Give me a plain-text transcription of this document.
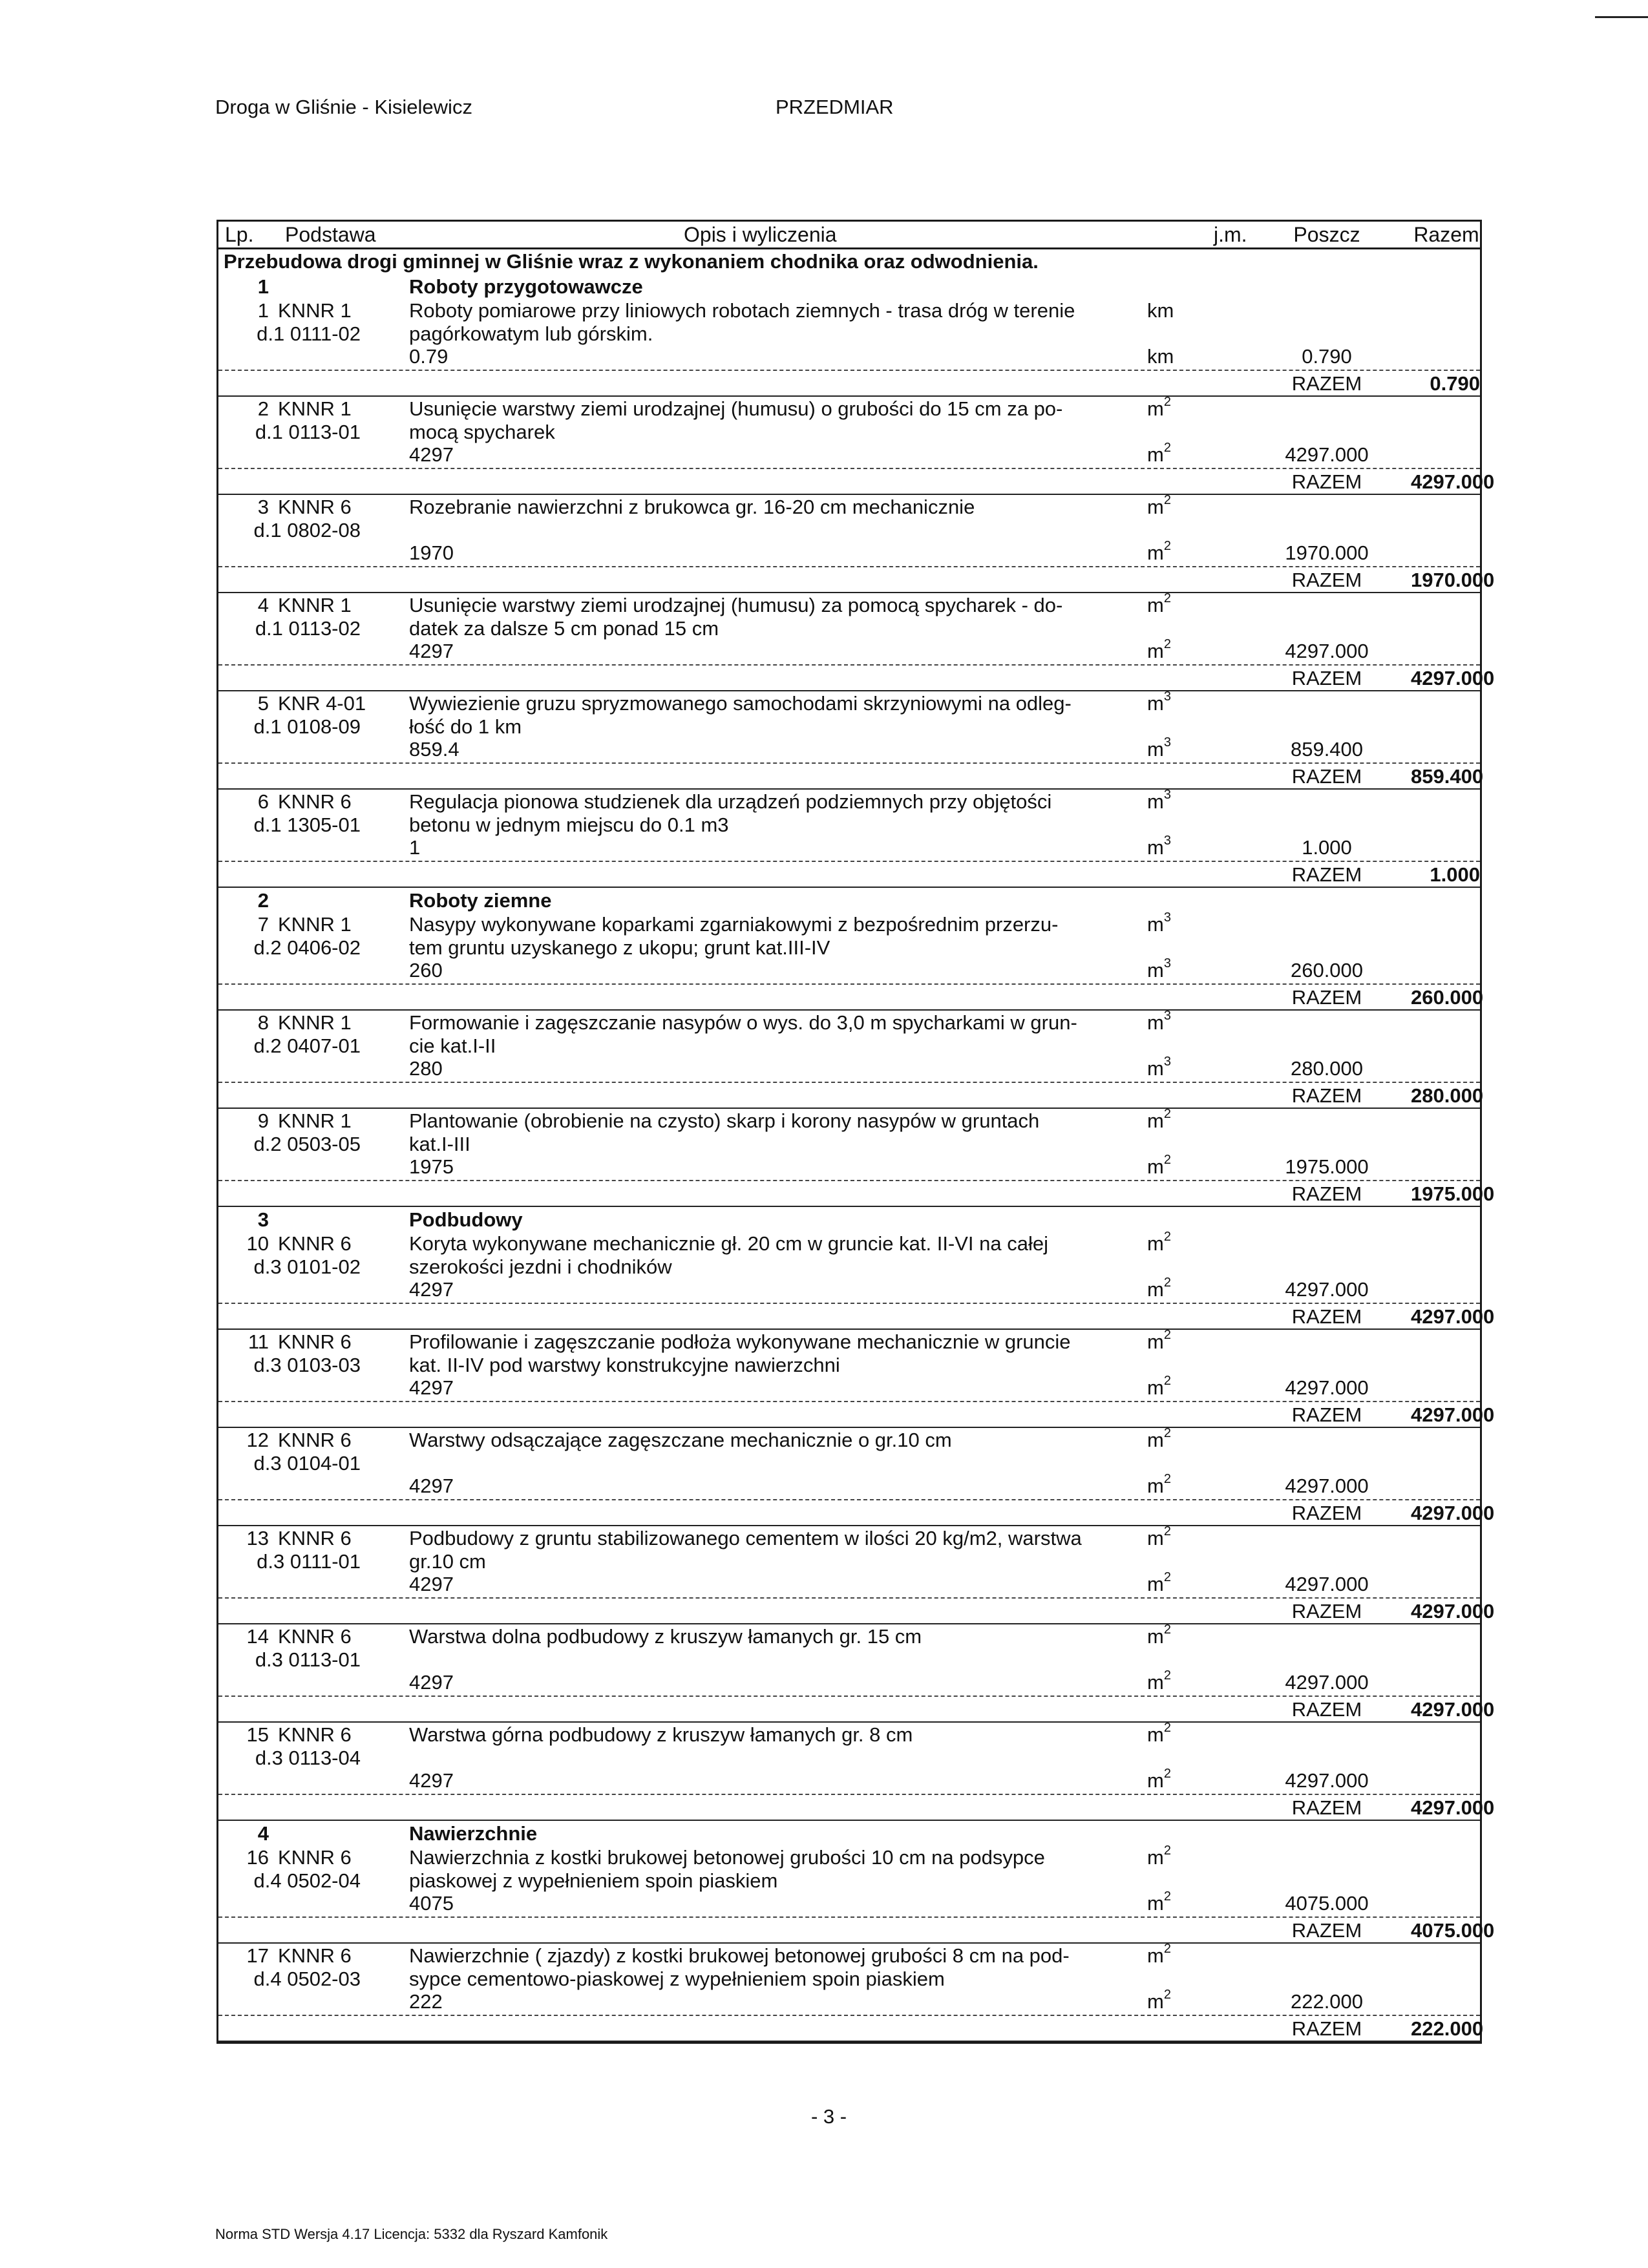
Droga w Gliśnie - Kisielewicz	PRZEDMIAR
Lp. Podstawa	Opis i wyliczenia	j.m.	Poszcz	Razem
Przebudowa drogi gminnej w Gliśnie wraz z wykonaniem chodnika oraz odwodnienia.
1	Roboty przygotowawcze
1 KNNR 1	Roboty pomiarowe przy liniowych robotach ziemnych - trasa dróg w terenie	km
d.1 0111-02 pagórkowatym lub górskim.
0.79	km	0.790
RAZEM	0.790
2 KNNR 1	Usunięcie warstwy ziemi urodzajnej (humusu) o grubości do 15 cm za po-	$m^2$
d.1 0113-01 mocą spycharek
4297	$m^2$	4297.000
RAZEM	4297.000
3 KNNR 6	Rozebranie nawierzchni z brukowca gr. 16-20 cm mechanicznie	$m^2$
d.1 0802-08
1970	$m^2$	1970.000
RAZEM	1970.000
4 KNNR 1	Usunięcie warstwy ziemi urodzajnej (humusu) za pomocą spycharek - do-	$m^2$
d.1 0113-02 datek za dalsze 5 cm ponad 15 cm
4297	$m^2$	4297.000
RAZEM	4297.000
5 KNR 4-01 Wywiezienie gruzu spryzmowanego samochodami skrzyniowymi na odleg-	$m^3$
d.1 0108-09 łość do 1 km
859.4	$m^3$	859.400
RAZEM	859.400
6 KNNR 6	Regulacja pionowa studzienek dla urządzeń podziemnych przy objętości	$m^3$
d.1 1305-01 betonu w jednym miejscu do 0.1 m3
1	$m^3$	1.000
RAZEM	1.000
2	Roboty ziemne
7 KNNR 1	Nasypy wykonywane koparkami zgarniakowymi z bezpośrednim przerzu-	$m^3$
d.2 0406-02 tem gruntu uzyskanego z ukopu; grunt kat.III-IV
260	$m^3$	260.000
RAZEM	260.000
8 KNNR 1	Formowanie i zagęszczanie nasypów o wys. do 3,0 m spycharkami w grun-	$m^3$
d.2 0407-01 cie kat.I-II
280	$m^3$	280.000
RAZEM	280.000
9 KNNR 1	Plantowanie (obrobienie na czysto) skarp i korony nasypów w gruntach	$m^2$
d.2 0503-05 kat.I-III
1975	$m^2$	1975.000
RAZEM	1975.000
3	Podbudowy
10 KNNR 6	Koryta wykonywane mechanicznie gł. 20 cm w gruncie kat. II-VI na całej	$m^2$
d.3 0101-02 szerokości jezdni i chodników
4297	$m^2$	4297.000
RAZEM	4297.000
11 KNNR 6	Profilowanie i zagęszczanie podłoża wykonywane mechanicznie w gruncie	$m^2$
d.3 0103-03 kat. II-IV pod warstwy konstrukcyjne nawierzchni
4297	$m^2$	4297.000
RAZEM	4297.000
12 KNNR 6	Warstwy odsączające zagęszczane mechanicznie o gr.10 cm	$m^2$
d.3 0104-01
4297	$m^2$	4297.000
RAZEM	4297.000
13 KNNR 6	Podbudowy z gruntu stabilizowanego cementem w ilości 20 kg/m2, warstwa	$m^2$
d.3 0111-01 gr.10 cm
4297	$m^2$	4297.000
RAZEM	4297.000
14 KNNR 6	Warstwa dolna podbudowy z kruszyw łamanych gr. 15 cm	$m^2$
d.3 0113-01
4297	$m^2$	4297.000
RAZEM	4297.000
15 KNNR 6	Warstwa górna podbudowy z kruszyw łamanych gr. 8 cm	$m^2$
d.3 0113-04
4297	$m^2$	4297.000
RAZEM	4297.000
4	Nawierzchnie
16 KNNR 6	Nawierzchnia z kostki brukowej betonowej grubości 10 cm na podsypce	$m^2$
d.4 0502-04 piaskowej z wypełnieniem spoin piaskiem
4075	$m^2$	4075.000
RAZEM	4075.000
17 KNNR 6	Nawierzchnie ( zjazdy) z kostki brukowej betonowej grubości 8 cm na pod-	$m^2$
d.4 0502-03 sypce cementowo-piaskowej z wypełnieniem spoin piaskiem
222	$m^2$	222.000
RAZEM	222.000
- 3 -
Norma STD Wersja 4.17 Licencja: 5332 dla Ryszard Kamfonik
